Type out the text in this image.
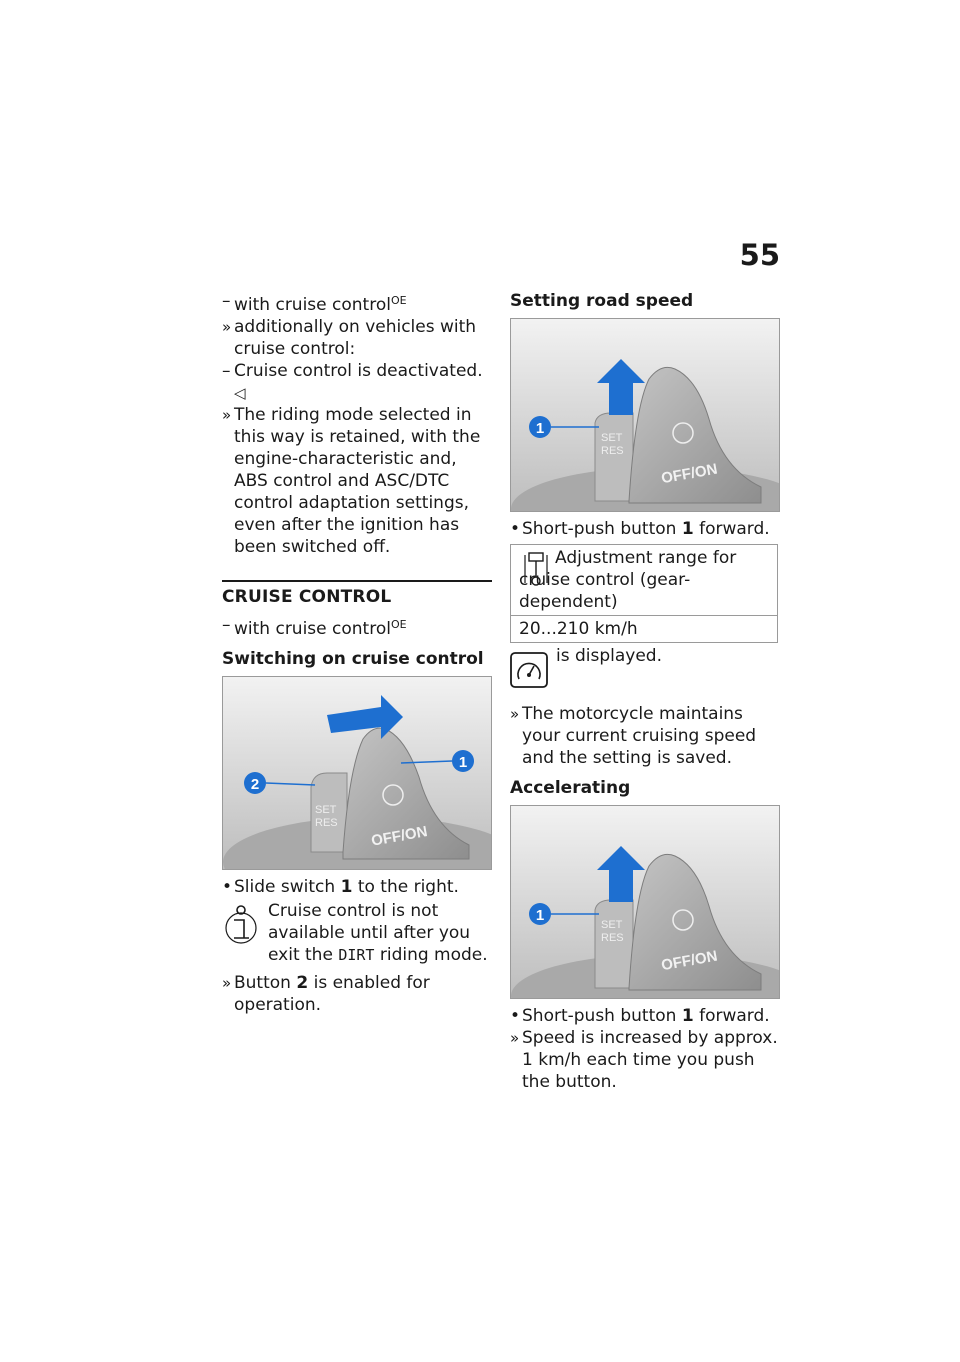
55
– with cruise control$^{OE}$
» additionally on vehicles with cruise control:
– Cruise control is deactivated. ◁
» The riding mode selected in this way is retained, with the engine-characteristic and, ABS control and ASC/DTC control adaptation settings, even after the ignition has been switched off.
CRUISE CONTROL
– with cruise control$^{OE}$
Switching on cruise control
1
2
SET
RES
OFF/ON
• Slide switch 1 to the right.
Cruise control is not available until after you exit the DIRT riding mode.
» Button 2 is enabled for operation.
Setting road speed
1
SET
RES
OFF/ON
• Short-push button 1 forward.
Adjustment range for cruise control (gear-dependent)

20...210 km/h
is displayed.
» The motorcycle maintains your current cruising speed and the setting is saved.
Accelerating
1
SET
RES
OFF/ON
• Short-push button 1 forward.
» Speed is increased by approx. 1 km/h each time you push the button.
